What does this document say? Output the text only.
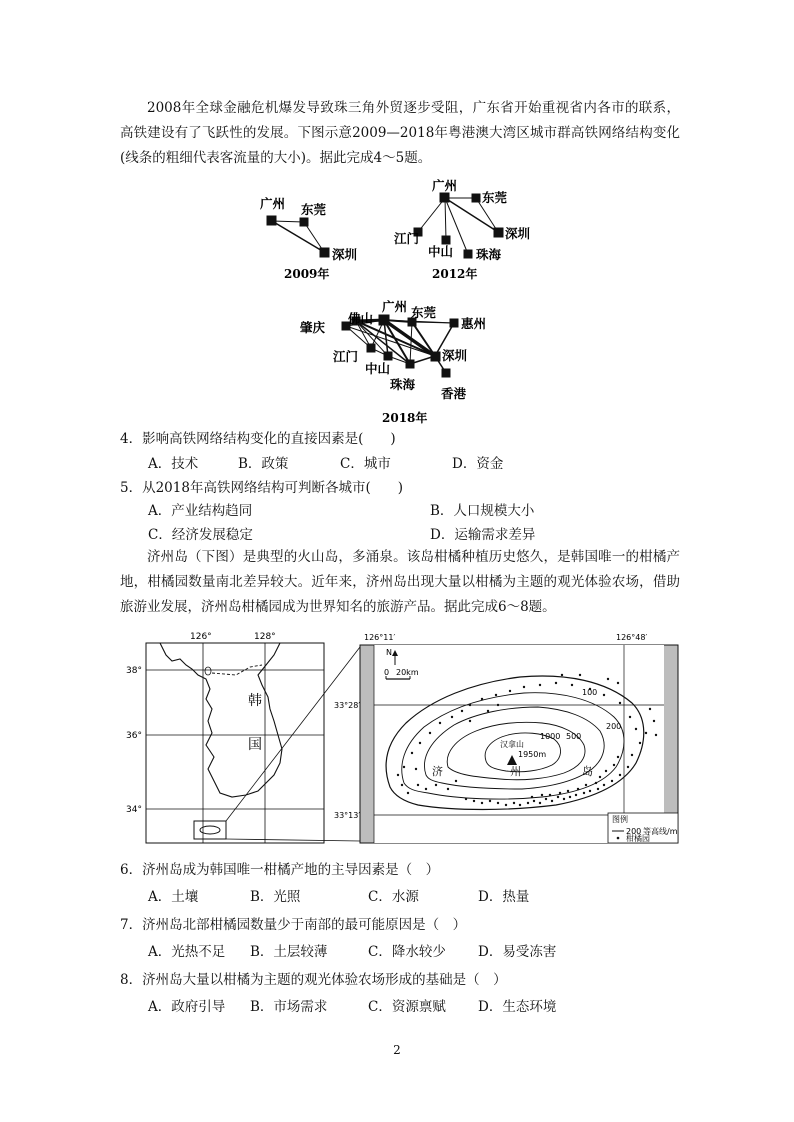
2008年全球金融危机爆发导致珠三角外贸逐步受阻，广东省开始重视省内各市的联系，高铁建设有了飞跃性的发展。下图示意2009—2018年粤港澳大湾区城市群高铁网络结构变化(线条的粗细代表客流量的大小)。据此完成4～5题。
广州 东莞
深圳
2009年
广州
东莞
深圳
江门
中山 珠海
2012年
肇庆
佛山
广州 东莞
惠州
江门
中山
深圳
珠海
香港
2018年
4．影响高铁网络结构变化的直接因素是(　　)
A．技术	B．政策	C．城市	D．资金
5．从2018年高铁网络结构可判断各城市(　　)
A．产业结构趋同	B．人口规模大小
C．经济发展稳定	D．运输需求差异
济州岛（下图）是典型的火山岛，多涌泉。该岛柑橘种植历史悠久，是韩国唯一的柑橘产地，柑橘园数量南北差异较大。近年来，济州岛出现大量以柑橘为主题的观光体验农场，借助旅游业发展，济州岛柑橘园成为世界知名的旅游产品。据此完成6～8题。
126°	128°
38°
36°
34°
韩
国
126°11′	126°48′
33°28′
33°13′
N
0 20km
100
200
500
1000
汉拿山
1950m
济	州	岛
图例
200 等高线/m
柑橘园
6．济州岛成为韩国唯一柑橘产地的主导因素是（　）
A．土壤	B．光照	C．水源	D．热量
7．济州岛北部柑橘园数量少于南部的最可能原因是（　）
A．光热不足 B．土层较薄	C．降水较少 D．易受冻害
8．济州岛大量以柑橘为主题的观光体验农场形成的基础是（　）
A．政府引导 B．市场需求	C．资源禀赋 D．生态环境
2
